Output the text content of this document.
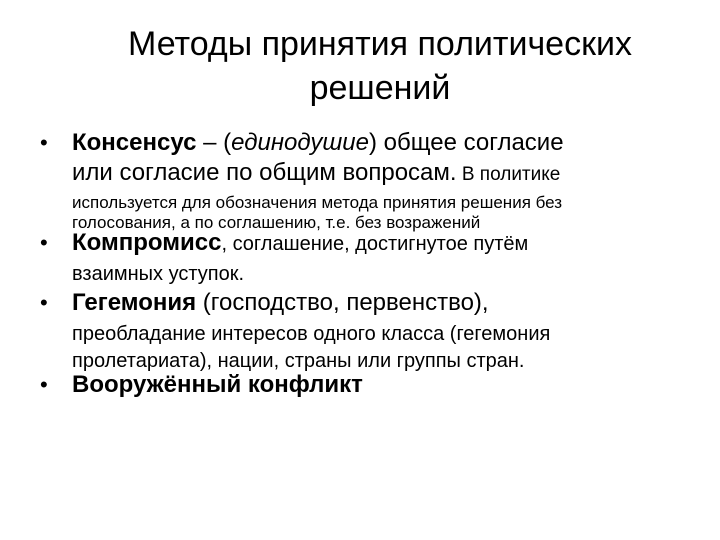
Методы принятия политических
решений
• Консенсус – (единодушие) общее согласие
или согласие по общим вопросам. В политике
используется для обозначения метода принятия решения без
голосования, а по соглашению, т.е. без возражений
• Компромисс, соглашение, достигнутое путём
взаимных уступок.
• Гегемония (господство, первенство),
преобладание интересов одного класса (гегемония
пролетариата), нации, страны или группы стран.
• Вооружённый конфликт
